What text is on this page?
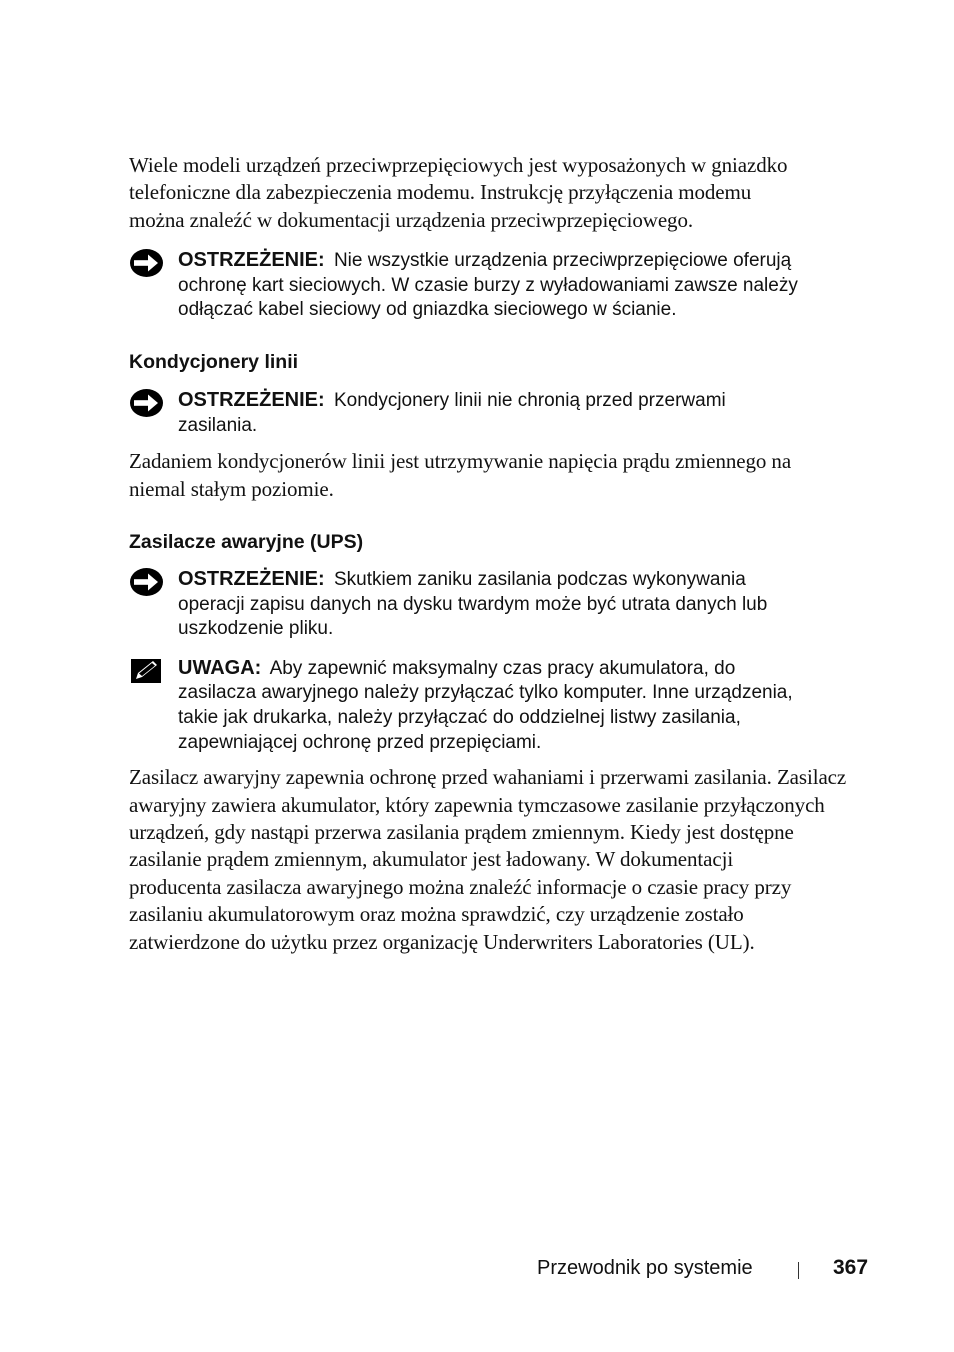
Wiele modeli urządzeń przeciwprzepięciowych jest wyposażonych w gniazdko
telefoniczne dla zabezpieczenia modemu. Instrukcję przyłączenia modemu
można znaleźć w dokumentacji urządzenia przeciwprzepięciowego.

OSTRZEŻENIE: Nie wszystkie urządzenia przeciwprzepięciowe oferują
ochronę kart sieciowych. W czasie burzy z wyładowaniami zawsze należy
odłączać kabel sieciowy od gniazdka sieciowego w ścianie.

Kondycjonery linii

OSTRZEŻENIE: Kondycjonery linii nie chronią przed przerwami
zasilania.

Zadaniem kondycjonerów linii jest utrzymywanie napięcia prądu zmiennego na
niemal stałym poziomie.

Zasilacze awaryjne (UPS)

OSTRZEŻENIE: Skutkiem zaniku zasilania podczas wykonywania
operacji zapisu danych na dysku twardym może być utrata danych lub
uszkodzenie pliku.

UWAGA: Aby zapewnić maksymalny czas pracy akumulatora, do
zasilacza awaryjnego należy przyłączać tylko komputer. Inne urządzenia,
takie jak drukarka, należy przyłączać do oddzielnej listwy zasilania,
zapewniającej ochronę przed przepięciami.

Zasilacz awaryjny zapewnia ochronę przed wahaniami i przerwami zasilania. Zasilacz
awaryjny zawiera akumulator, który zapewnia tymczasowe zasilanie przyłączonych
urządzeń, gdy nastąpi przerwa zasilania prądem zmiennym. Kiedy jest dostępne
zasilanie prądem zmiennym, akumulator jest ładowany. W dokumentacji
producenta zasilacza awaryjnego można znaleźć informacje o czasie pracy przy
zasilaniu akumulatorowym oraz można sprawdzić, czy urządzenie zostało
zatwierdzone do użytku przez organizację Underwriters Laboratories (UL).

Przewodnik po systemie	367
